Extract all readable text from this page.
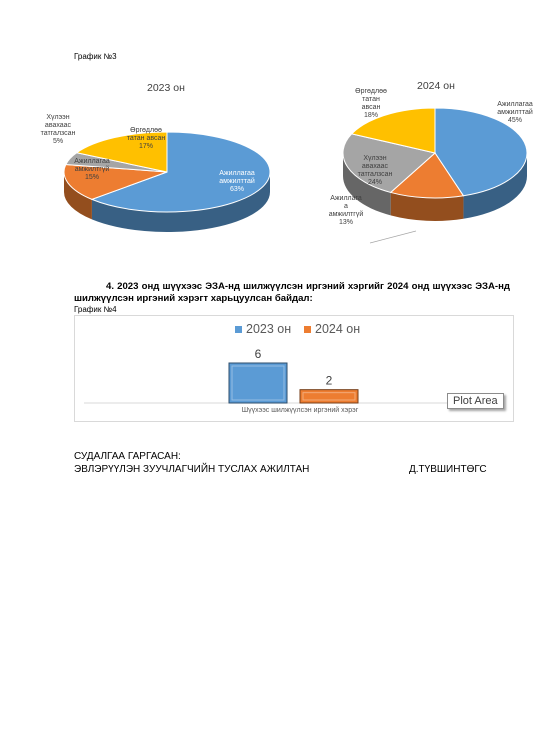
График №3
2023 он
Ажиллагаа
амжилттай
63%
Ажиллагаа
амжилтгүй
15%
Хүлээн
авахаас
татгалзсан
5%
Өргөдлөө
татан авсан
17%
2024 он
Ажиллагаа
амжилттай
45%
Ажиллага
а
амжилтгүй
13%
Хүлээн
авахаас
татгалзсан
24%
Өргөдлөө
татан
авсан
18%
4. 2023 онд шүүхээс ЭЗА-нд шилжүүлсэн иргэний хэргийг 2024 онд шүүхээс ЭЗА-нд шилжүүлсэн иргэний хэрэгт харьцуулсан байдал:
График №4
2023 он 2024 он
6
2
Шүүхээс шилжүүлсэн иргэний хэрэг
Plot Area
СУДАЛГАА ГАРГАСАН:
ЭВЛЭРҮҮЛЭН ЗУУЧЛАГЧИЙН ТУСЛАХ АЖИЛТАН	Д.ТҮВШИНТӨГС
